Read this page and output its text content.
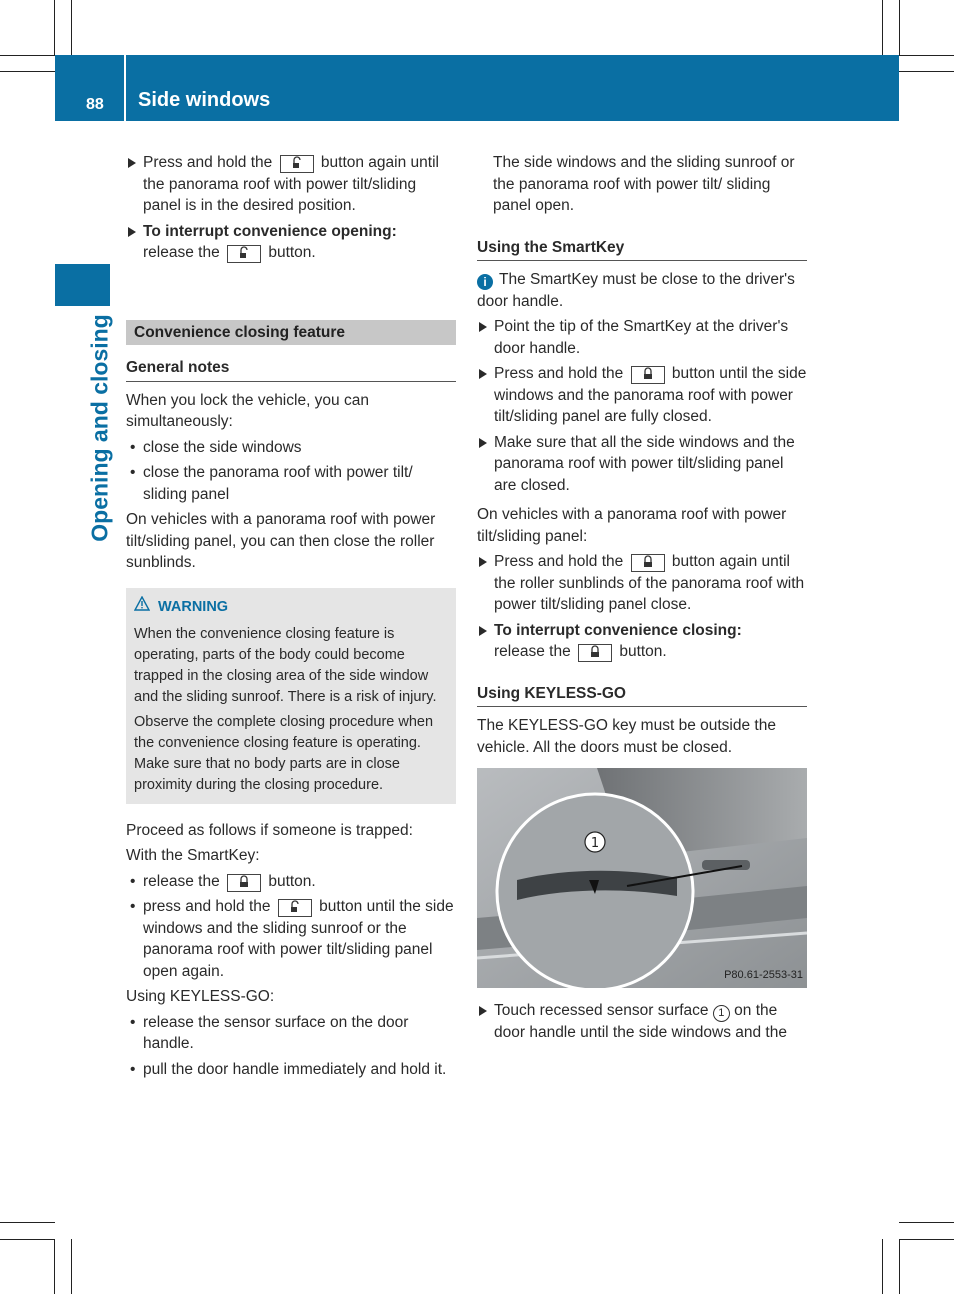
88 Side windows
Opening and closing
Press and hold the	button again until the panorama roof with power tilt/sliding panel is in the desired position.
To interrupt convenience opening:
release the	button.
Convenience closing feature
General notes

When you lock the vehicle, you can simultaneously:

• close the side windows
• close the panorama roof with power tilt/ sliding panel

On vehicles with a panorama roof with power tilt/sliding panel, you can then close the roller sunblinds.

WARNING

When the convenience closing feature is operating, parts of the body could become trapped in the closing area of the side window and the sliding sunroof. There is a risk of injury.

Observe the complete closing procedure when the convenience closing feature is operating. Make sure that no body parts are in close proximity during the closing procedure.

Proceed as follows if someone is trapped:

With the SmartKey:

• release the	button.
• press and hold the	button until the side windows and the sliding sunroof or the panorama roof with power tilt/sliding panel open again.

Using KEYLESS-GO:

• release the sensor surface on the door handle.
• pull the door handle immediately and hold it.

The side windows and the sliding sunroof or the panorama roof with power tilt/ sliding panel open.

Using the SmartKey

i The SmartKey must be close to the driver's door handle.

Point the tip of the SmartKey at the driver's door handle.
Press and hold the	button until the side windows and the panorama roof with power tilt/sliding panel are fully closed.
Make sure that all the side windows and the panorama roof with power tilt/sliding panel are closed.

On vehicles with a panorama roof with power tilt/sliding panel:

Press and hold the	button again until the roller sunblinds of the panorama roof with power tilt/sliding panel close.
To interrupt convenience closing:
release the	button.
Using KEYLESS-GO

The KEYLESS-GO key must be outside the vehicle. All the doors must be closed.

1
P80.61-2553-31
Touch recessed sensor surface 1 on the door handle until the side windows and the
